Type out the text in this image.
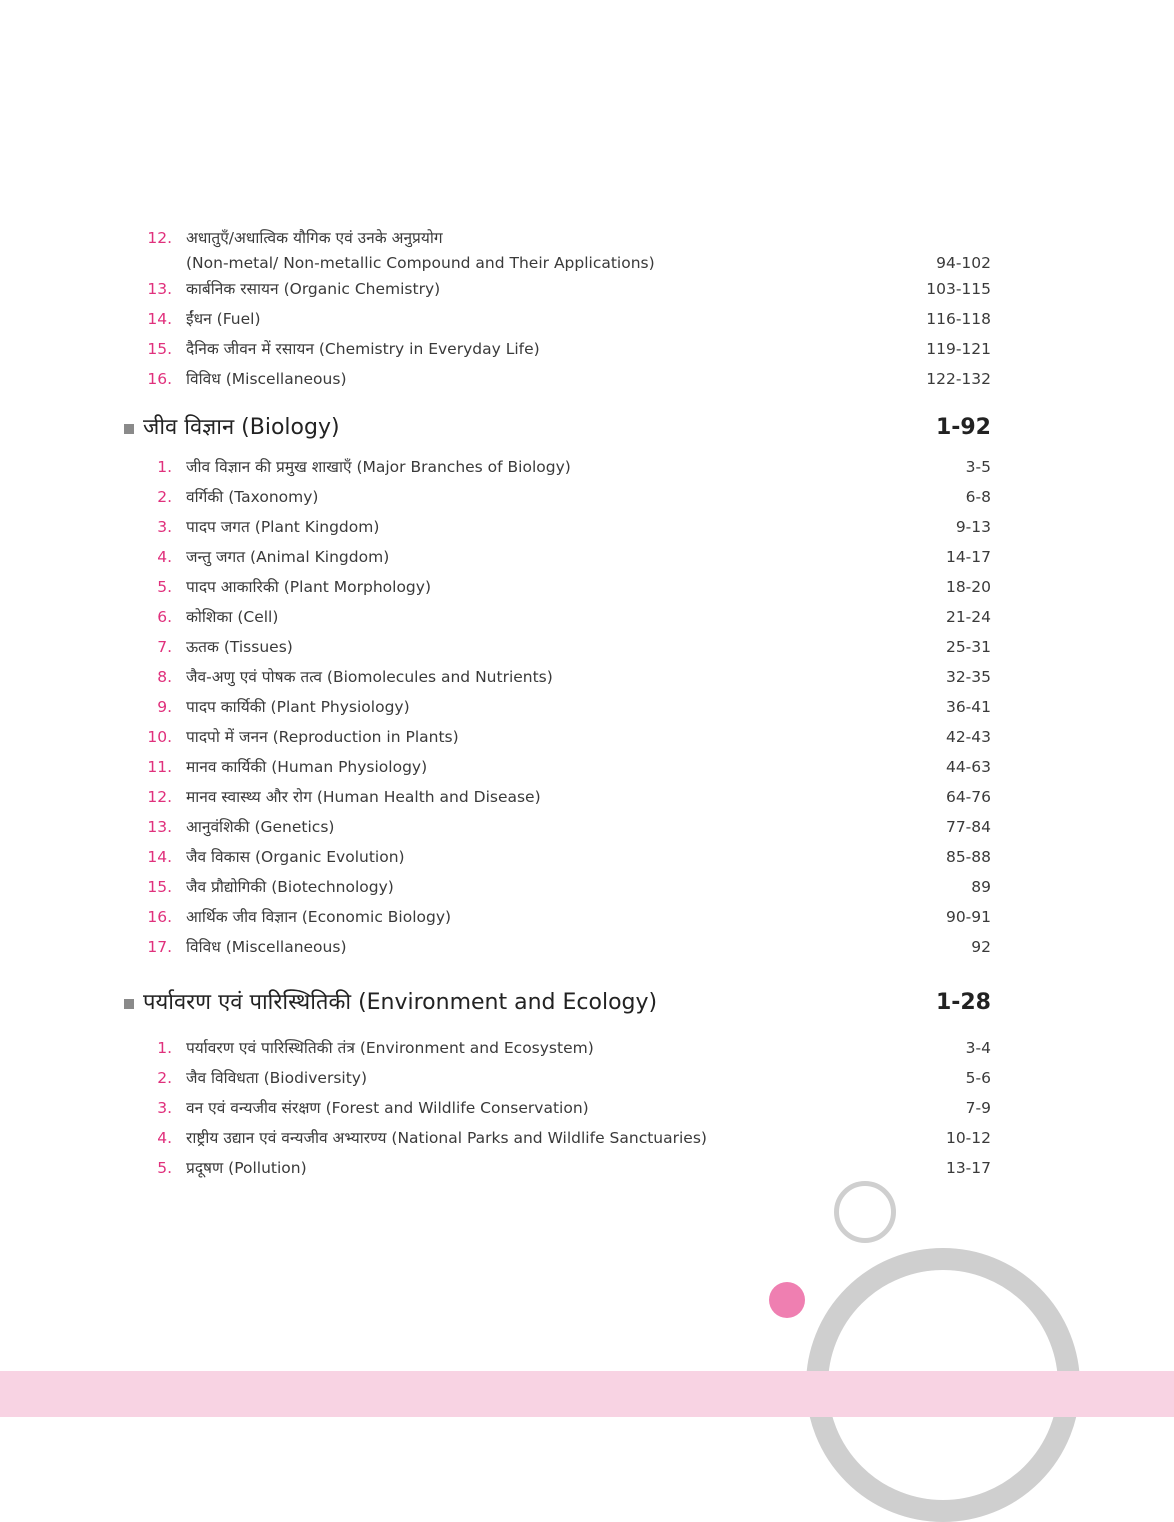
12. अधातुएँ/अधात्विक यौगिक एवं उनके अनुप्रयोग
(Non-metal/ Non-metallic Compound and Their Applications)	94-102
13. कार्बनिक रसायन (Organic Chemistry)	103-115
14. ईंधन (Fuel)	116-118
15. दैनिक जीवन में रसायन (Chemistry in Everyday Life)	119-121
16. विविध (Miscellaneous)	122-132
जीव विज्ञान (Biology)	1-92
1. जीव विज्ञान की प्रमुख शाखाएँ (Major Branches of Biology)	3-5
2. वर्गिकी (Taxonomy)	6-8
3. पादप जगत (Plant Kingdom)	9-13
4. जन्तु जगत (Animal Kingdom)	14-17
5. पादप आकारिकी (Plant Morphology)	18-20
6. कोशिका (Cell)	21-24
7. ऊतक (Tissues)	25-31
8. जैव-अणु एवं पोषक तत्व (Biomolecules and Nutrients)	32-35
9. पादप कार्यिकी (Plant Physiology)	36-41
10. पादपो में जनन (Reproduction in Plants)	42-43
11. मानव कार्यिकी (Human Physiology)	44-63
12. मानव स्वास्थ्य और रोग (Human Health and Disease)	64-76
13. आनुवंशिकी (Genetics)	77-84
14. जैव विकास (Organic Evolution)	85-88
15. जैव प्रौद्योगिकी (Biotechnology)	89
16. आर्थिक जीव विज्ञान (Economic Biology)	90-91
17. विविध (Miscellaneous)	92
पर्यावरण एवं पारिस्थितिकी (Environment and Ecology)	1-28
1. पर्यावरण एवं पारिस्थितिकी तंत्र (Environment and Ecosystem)	3-4
2. जैव विविधता (Biodiversity)	5-6
3. वन एवं वन्यजीव संरक्षण (Forest and Wildlife Conservation)	7-9
4. राष्ट्रीय उद्यान एवं वन्यजीव अभ्यारण्य (National Parks and Wildlife Sanctuaries)	10-12
5. प्रदूषण (Pollution)	13-17
